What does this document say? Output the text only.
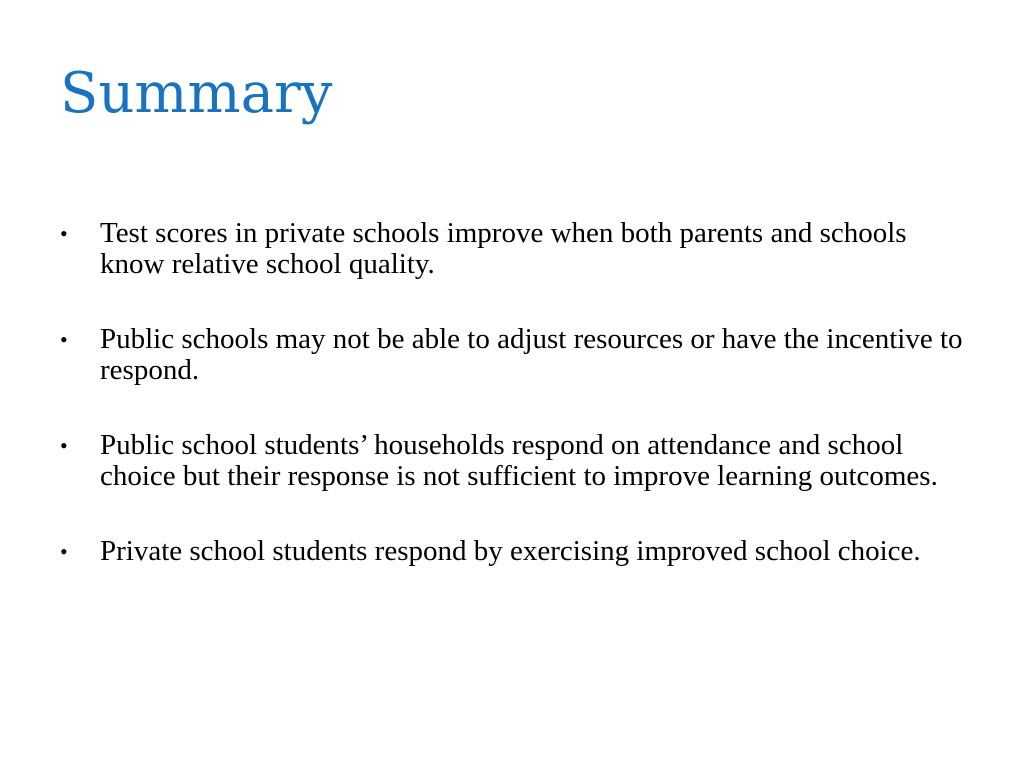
Summary
•	Test scores in private schools improve when both parents and schools know relative school quality.
•	Public schools may not be able to adjust resources or have the incentive to respond.
•	Public school students’ households respond on attendance and school choice but their response is not sufficient to improve learning outcomes.
•	Private school students respond by exercising improved school choice.
